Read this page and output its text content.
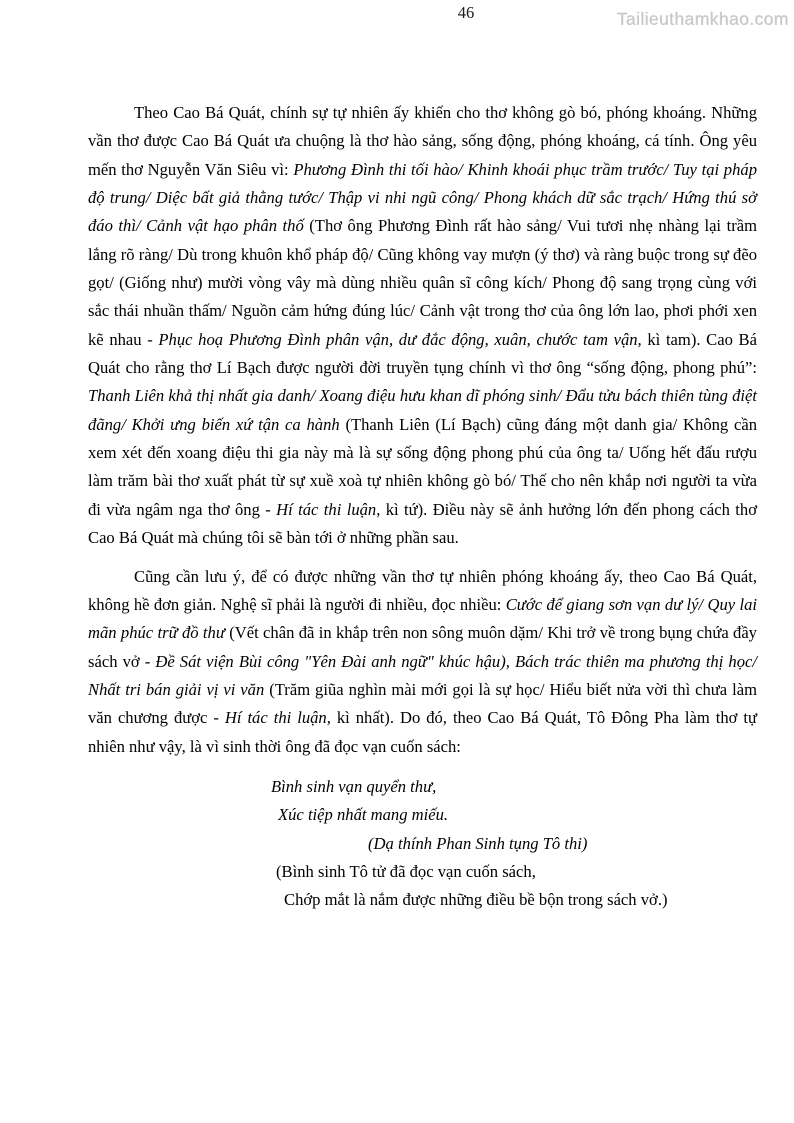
46	Tailieuthamkhao.com

Theo Cao Bá Quát, chính sự tự nhiên ấy khiến cho thơ không gò bó, phóng khoáng. Những vần thơ được Cao Bá Quát ưa chuộng là thơ hào sảng, sống động, phóng khoáng, cá tính. Ông yêu mến thơ Nguyễn Văn Siêu vì: Phương Đình thi tối hào/ Khinh khoái phục trầm trước/ Tuy tại pháp độ trung/ Diệc bất giả thằng tước/ Thập vi nhi ngũ công/ Phong khách dữ sắc trạch/ Hứng thú sở đáo thì/ Cảnh vật hạo phân thố (Thơ ông Phương Đình rất hào sảng/ Vui tươi nhẹ nhàng lại trầm lắng rõ ràng/ Dù trong khuôn khổ pháp độ/ Cũng không vay mượn (ý thơ) và ràng buộc trong sự đẽo gọt/ (Giống như) mười vòng vây mà dùng nhiều quân sĩ công kích/ Phong độ sang trọng cùng với sắc thái nhuần thấm/ Nguồn cảm hứng đúng lúc/ Cảnh vật trong thơ của ông lớn lao, phơi phới xen kẽ nhau - Phục hoạ Phương Đình phân vận, dư đắc động, xuân, chước tam vận, kì tam). Cao Bá Quát cho rằng thơ Lí Bạch được người đời truyền tụng chính vì thơ ông “sống động, phong phú”: Thanh Liên khả thị nhất gia danh/ Xoang điệu hưu khan dĩ phóng sinh/ Đẩu tửu bách thiên tùng điệt đãng/ Khởi ưng biến xứ tận ca hành (Thanh Liên (Lí Bạch) cũng đáng một danh gia/ Không cần xem xét đến xoang điệu thi gia này mà là sự sống động phong phú của ông ta/ Uống hết đấu rượu làm trăm bài thơ xuất phát từ sự xuề xoà tự nhiên không gò bó/ Thế cho nên khắp nơi người ta vừa đi vừa ngâm nga thơ ông - Hí tác thi luận, kì tứ). Điều này sẽ ảnh hưởng lớn đến phong cách thơ Cao Bá Quát mà chúng tôi sẽ bàn tới ở những phần sau.

Cũng cần lưu ý, để có được những vần thơ tự nhiên phóng khoáng ấy, theo Cao Bá Quát, không hề đơn giản. Nghệ sĩ phải là người đi nhiều, đọc nhiều: Cước để giang sơn vạn dư lý/ Quy lai mãn phúc trữ đồ thư (Vết chân đã in khắp trên non sông muôn dặm/ Khi trở về trong bụng chứa đầy sách vở - Đề Sát viện Bùi công "Yên Đài anh ngữ" khúc hậu), Bách trác thiên ma phương thị học/ Nhất tri bán giải vị vi văn (Trăm giũa nghìn mài mới gọi là sự học/ Hiểu biết nửa vời thì chưa làm văn chương được - Hí tác thi luận, kì nhất). Do đó, theo Cao Bá Quát, Tô Đông Pha làm thơ tự nhiên như vậy, là vì sinh thời ông đã đọc vạn cuốn sách:

Bình sinh vạn quyển thư,
Xúc tiệp nhất mang miếu.
(Dạ thính Phan Sinh tụng Tô thi)
(Bình sinh Tô tử đã đọc vạn cuốn sách,
Chớp mắt là nắm được những điều bề bộn trong sách vở.)
